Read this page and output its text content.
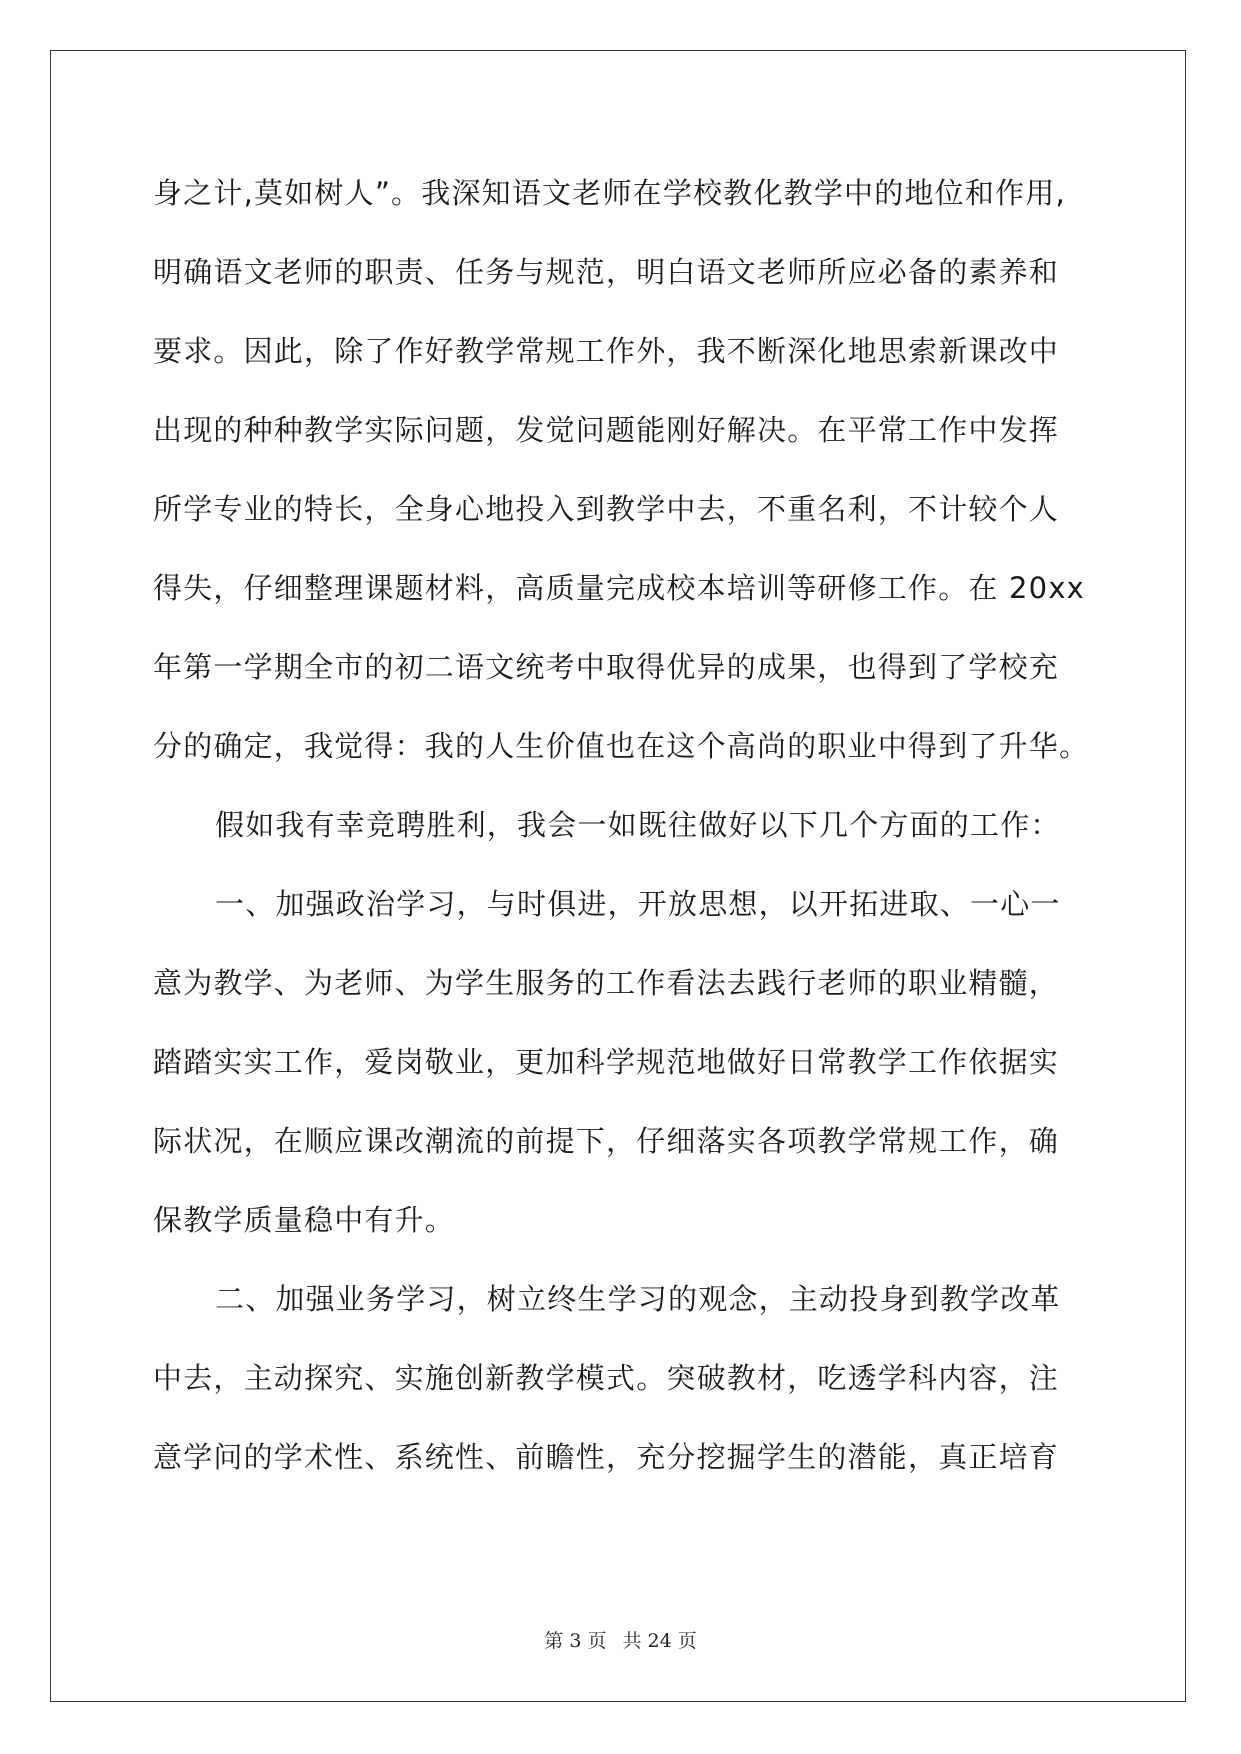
身之计,莫如树人”。我深知语文老师在学校教化教学中的地位和作用,

明确语文老师的职责、任务与规范，明白语文老师所应必备的素养和

要求。因此，除了作好教学常规工作外，我不断深化地思索新课改中

出现的种种教学实际问题，发觉问题能刚好解决。在平常工作中发挥

所学专业的特长，全身心地投入到教学中去，不重名利，不计较个人

得失，仔细整理课题材料，高质量完成校本培训等研修工作。在 20xx

年第一学期全市的初二语文统考中取得优异的成果，也得到了学校充

分的确定，我觉得：我的人生价值也在这个高尚的职业中得到了升华。

假如我有幸竞聘胜利，我会一如既往做好以下几个方面的工作：

一、加强政治学习，与时俱进，开放思想，以开拓进取、一心一

意为教学、为老师、为学生服务的工作看法去践行老师的职业精髓，

踏踏实实工作，爱岗敬业，更加科学规范地做好日常教学工作依据实

际状况，在顺应课改潮流的前提下，仔细落实各项教学常规工作，确

保教学质量稳中有升。

二、加强业务学习，树立终生学习的观念，主动投身到教学改革

中去，主动探究、实施创新教学模式。突破教材，吃透学科内容，注

意学问的学术性、系统性、前瞻性，充分挖掘学生的潜能，真正培育

第 3 页 共 24 页
